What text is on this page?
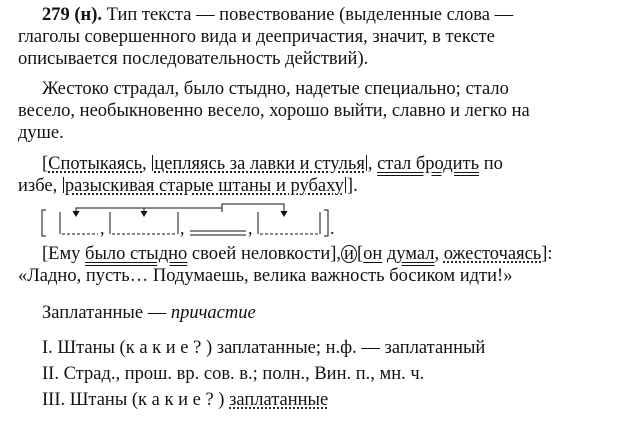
279 (н). Тип текста — повествование (выделенные слова —
глаголы совершенного вида и деепричастия, значит, в тексте
описывается последовательность действий).
Жестоко страдал, было стыдно, надетые специально; стало
весело, необыкновенно весело, хорошо выйти, славно и легко на
душе.
[Спотыкаясь, цепляясь за лавки и стулья , стал бродить по
избе, разыскивая старые штаны и рубаху ].
,	,	,	.
[Ему было стыдно своей неловкости], и [он думал, ожесточаясь]:
«Ладно, пусть… Подумаешь, велика важность босиком идти!»
Заплатанные — причастие
I. Штаны (к а к и е ? ) заплатанные; н.ф. — заплатанный
II. Страд., прош. вр. сов. в.; полн., Вин. п., мн. ч.
III. Штаны (к а к и е ? ) заплатанные
